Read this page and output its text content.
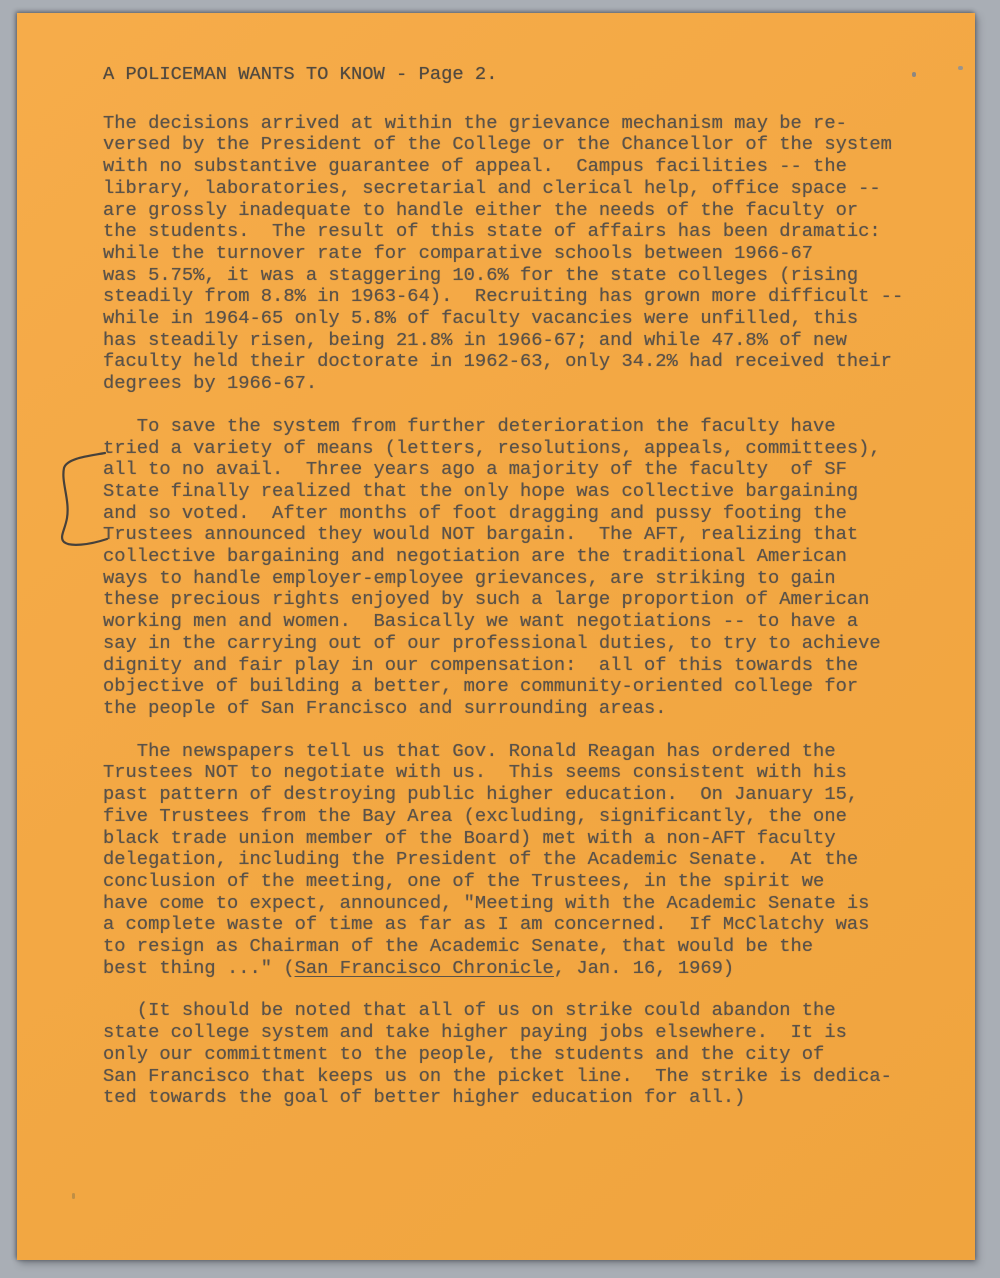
A POLICEMAN WANTS TO KNOW - Page 2.
The decisions arrived at within the grievance mechanism may be re-
versed by the President of the College or the Chancellor of the system
with no substantive guarantee of appeal.  Campus facilities -- the
library, laboratories, secretarial and clerical help, office space --
are grossly inadequate to handle either the needs of the faculty or
the students.  The result of this state of affairs has been dramatic:
while the turnover rate for comparative schools between 1966-67
was 5.75%, it was a staggering 10.6% for the state colleges (rising
steadily from 8.8% in 1963-64).  Recruiting has grown more difficult --
while in 1964-65 only 5.8% of faculty vacancies were unfilled, this
has steadily risen, being 21.8% in 1966-67; and while 47.8% of new
faculty held their doctorate in 1962-63, only 34.2% had received their
degrees by 1966-67.
To save the system from further deterioration the faculty have
tried a variety of means (letters, resolutions, appeals, committees),
all to no avail.  Three years ago a majority of the faculty  of SF
State finally realized that the only hope was collective bargaining
and so voted.  After months of foot dragging and pussy footing the
Trustees announced they would NOT bargain.  The AFT, realizing that
collective bargaining and negotiation are the traditional American
ways to handle employer-employee grievances, are striking to gain
these precious rights enjoyed by such a large proportion of American
working men and women.  Basically we want negotiations -- to have a
say in the carrying out of our professional duties, to try to achieve
dignity and fair play in our compensation:  all of this towards the
objective of building a better, more community-oriented college for
the people of San Francisco and surrounding areas.
The newspapers tell us that Gov. Ronald Reagan has ordered the
Trustees NOT to negotiate with us.  This seems consistent with his
past pattern of destroying public higher education.  On January 15,
five Trustees from the Bay Area (excluding, significantly, the one
black trade union member of the Board) met with a non-AFT faculty
delegation, including the President of the Academic Senate.  At the
conclusion of the meeting, one of the Trustees, in the spirit we
have come to expect, announced, "Meeting with the Academic Senate is
a complete waste of time as far as I am concerned.  If McClatchy was
to resign as Chairman of the Academic Senate, that would be the
best thing ..." (San Francisco Chronicle, Jan. 16, 1969)
(It should be noted that all of us on strike could abandon the
state college system and take higher paying jobs elsewhere.  It is
only our committment to the people, the students and the city of
San Francisco that keeps us on the picket line.  The strike is dedica-
ted towards the goal of better higher education for all.)
